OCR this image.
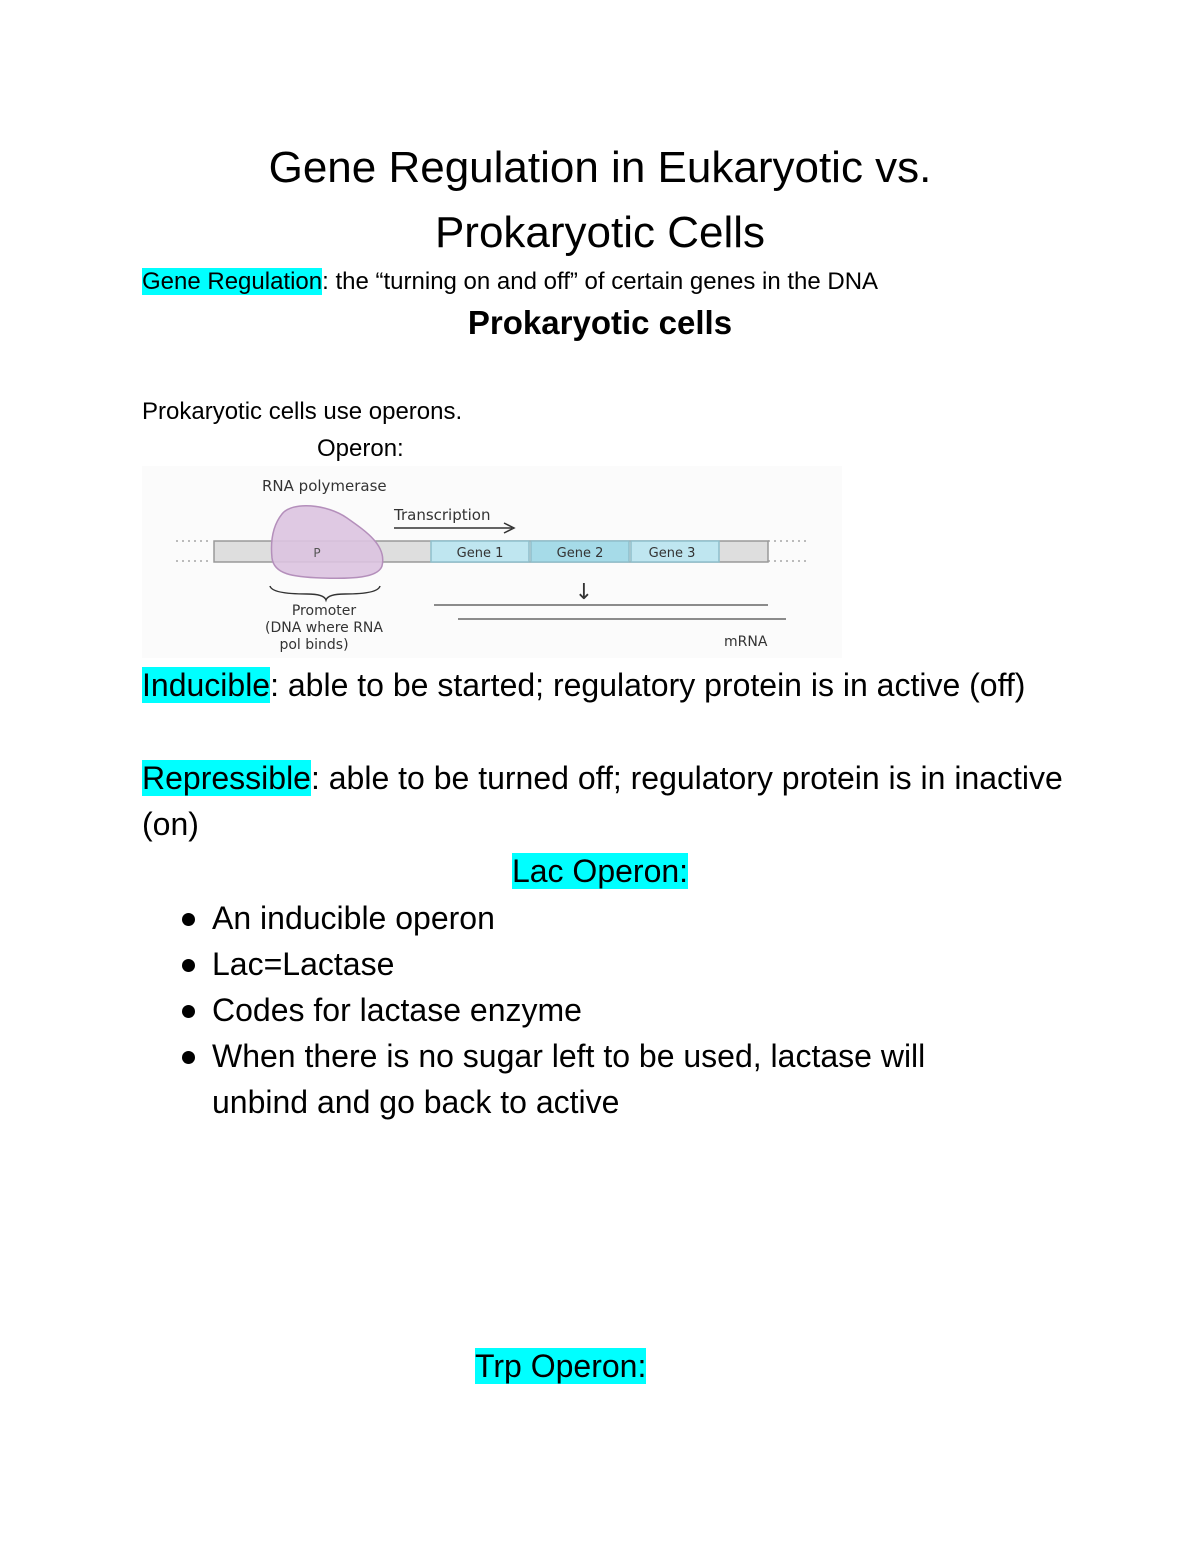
Gene Regulation in Eukaryotic vs.
Prokaryotic Cells
Gene Regulation: the “turning on and off” of certain genes in the DNA
Prokaryotic cells
Prokaryotic cells use operons.
Operon:
Gene 1	Gene 2	Gene 3
P
RNA polymerase
Transcription
Promoter
(DNA where RNA
pol binds)
↓
mRNA
Inducible: able to be started; regulatory protein is in active (off)
Repressible: able to be turned off; regulatory protein is in inactive (on)
Lac Operon:
An inducible operon
Lac=Lactase
Codes for lactase enzyme
When there is no sugar left to be used, lactase will unbind and go back to active
Trp Operon:
